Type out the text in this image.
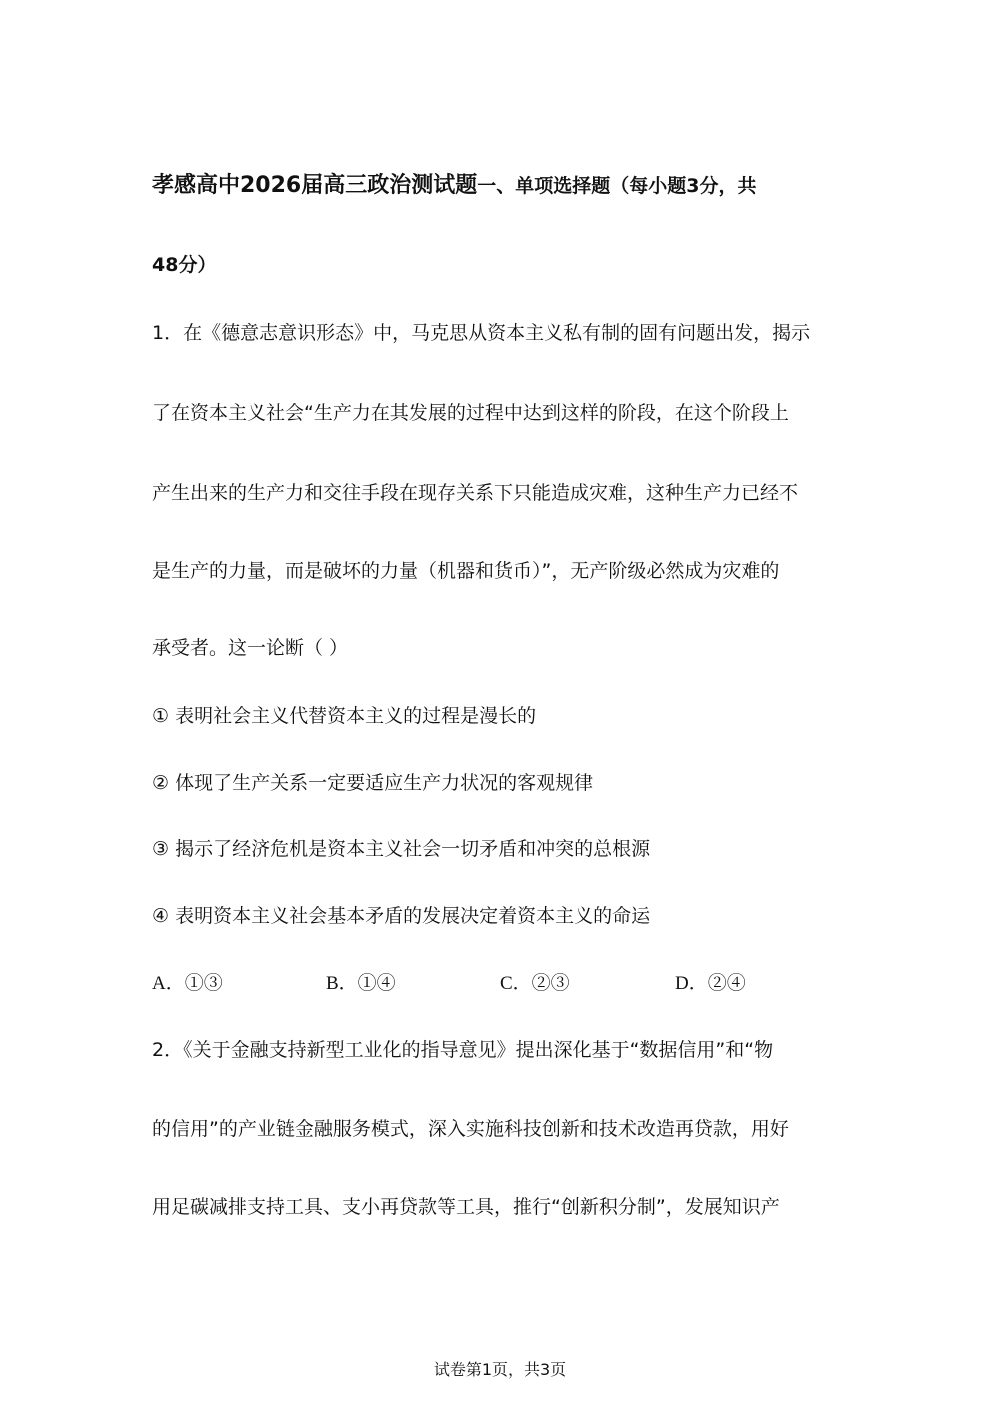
孝感高中2026届高三政治测试题一、单项选择题（每小题3分，共
48分）
1．在《德意志意识形态》中，马克思从资本主义私有制的固有问题出发，揭示
了在资本主义社会“生产力在其发展的过程中达到这样的阶段，在这个阶段上
产生出来的生产力和交往手段在现存关系下只能造成灾难，这种生产力已经不
是生产的力量，而是破坏的力量（机器和货币）”，无产阶级必然成为灾难的
承受者。这一论断（ ）
① 表明社会主义代替资本主义的过程是漫长的
② 体现了生产关系一定要适应生产力状况的客观规律
③ 揭示了经济危机是资本主义社会一切矛盾和冲突的总根源
④ 表明资本主义社会基本矛盾的发展决定着资本主义的命运
A．①③	B．①④	C．②③	D．②④
2．《关于金融支持新型工业化的指导意见》提出深化基于“数据信用”和“物
的信用”的产业链金融服务模式，深入实施科技创新和技术改造再贷款，用好
用足碳减排支持工具、支小再贷款等工具，推行“创新积分制”，发展知识产
试卷第1页，共3页
